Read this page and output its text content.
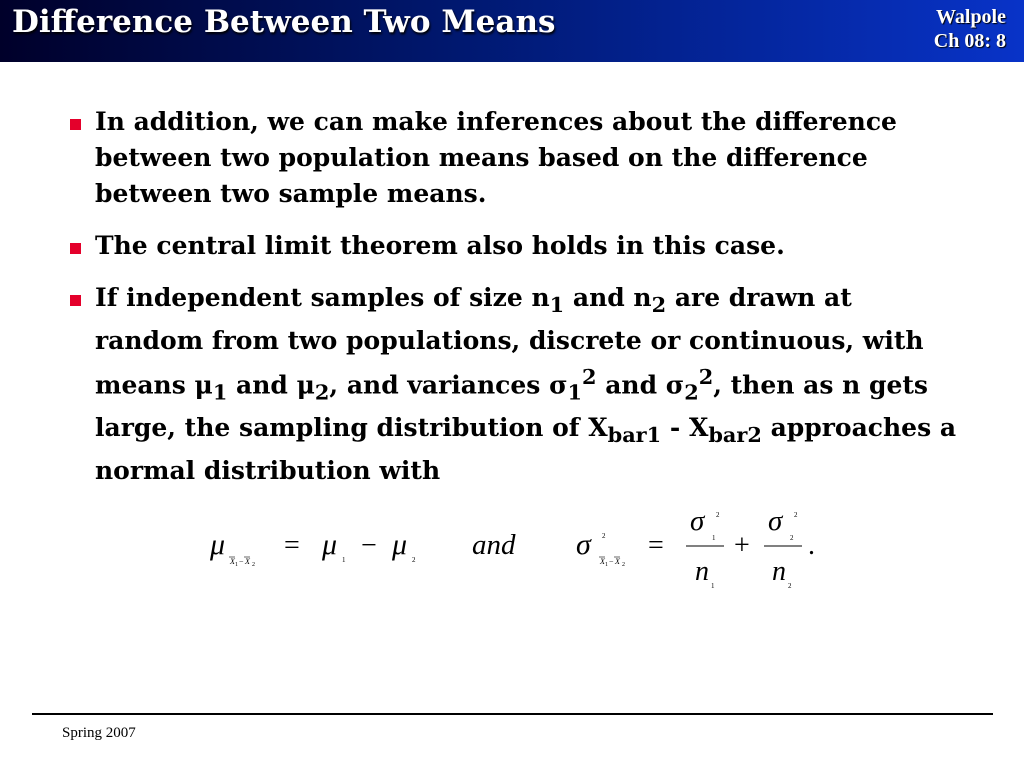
Difference Between Two Means	Walpole
Ch 08: 8
In addition, we can make inferences about the difference between two population means based on the difference between two sample means.
The central limit theorem also holds in this case.
If independent samples of size $n_1$ and $n_2$ are drawn at random from two populations, discrete or continuous, with means $\mu_1$ and $\mu_2$, and variances $\sigma_1^2$ and $\sigma_2^2$, then as n gets large, the sampling distribution of $X_{bar1} - X_{bar2}$ approaches a normal distribution with
μ
X 1 − X 2
= μ 1 − μ 2 and σ 2
X 1 − X 2
=
σ 2
1
n 1
+
σ 2
2
n 2
.
Spring 2007
